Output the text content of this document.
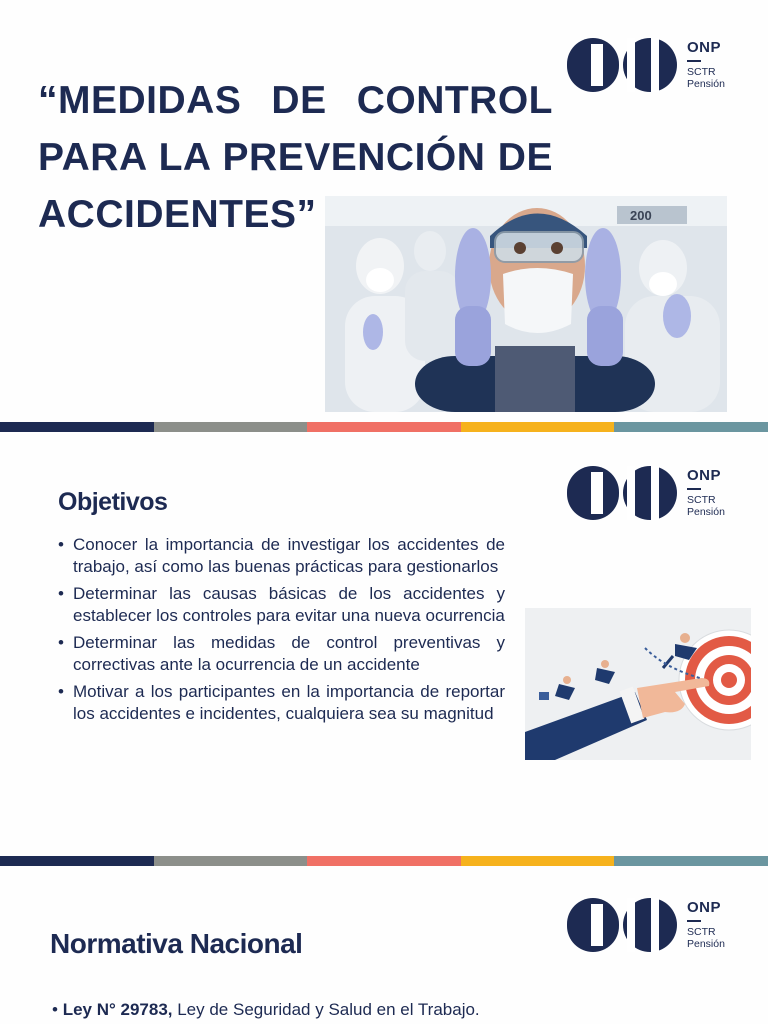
“MEDIDAS DE CONTROL PARA LA PREVENCIÓN DE ACCIDENTES”
ONP
SCTR
Pensión
200
Objetivos
• Conocer la importancia de investigar los accidentes de trabajo, así como las buenas prácticas para gestionarlos
• Determinar las causas básicas de los accidentes y establecer los controles para evitar una nueva ocurrencia
• Determinar las medidas de control preventivas y correctivas ante la ocurrencia de un accidente
• Motivar a los participantes en la importancia de reportar los accidentes e incidentes, cualquiera sea su magnitud
ONP
SCTR
Pensión
Normativa Nacional
ONP
SCTR
Pensión
• Ley N° 29783, Ley de Seguridad y Salud en el Trabajo.
